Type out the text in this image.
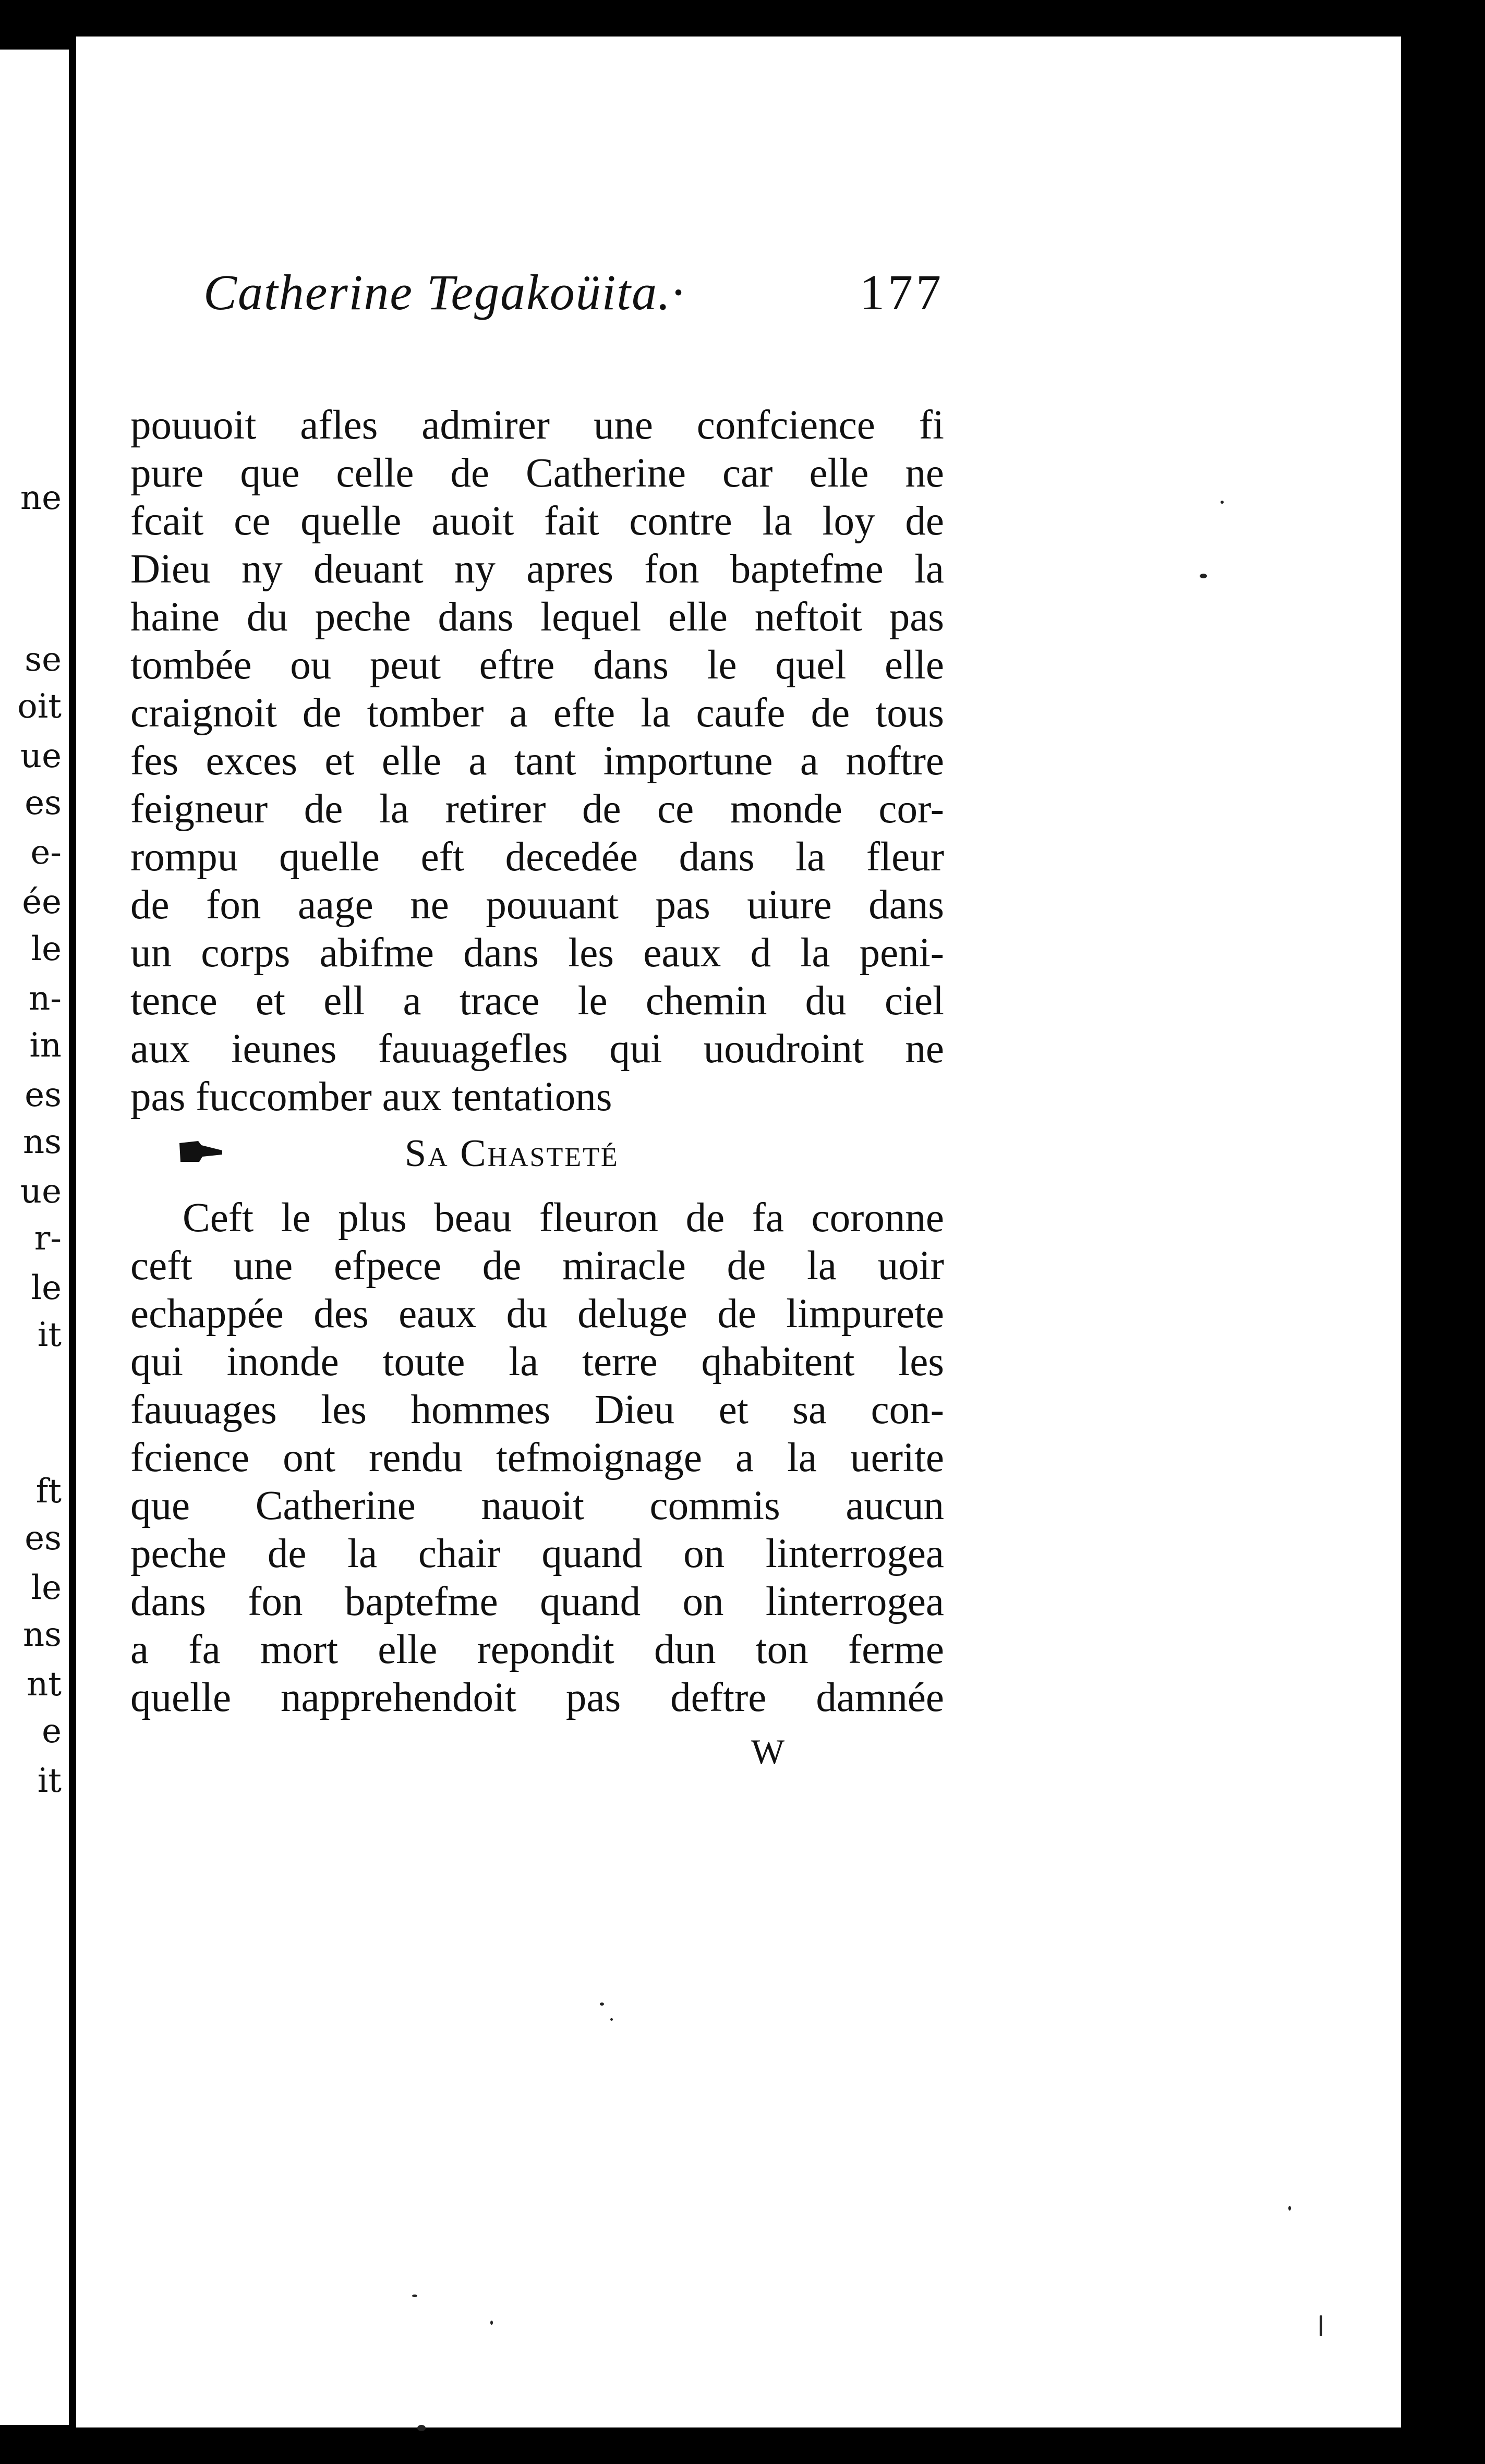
ne
se
oit
ue
es
e-
ée
le
n-
in
es
ns
ue
r-
le
it
ft
es
le
ns
nt
e
it
Catherine Tegakoüita.·	177
pouuoit afles admirer une confcience fi
pure que celle de Catherine car elle ne
fcait ce quelle auoit fait contre la loy de
Dieu ny deuant ny apres fon baptefme la
haine du peche dans lequel elle neftoit pas
tombée ou peut eftre dans le quel elle
craignoit de tomber a efte la caufe de tous
fes exces et elle a tant importune a noftre
feigneur de la retirer de ce monde cor-
rompu quelle eft decedée dans la fleur
de fon aage ne pouuant pas uiure dans
un corps abifme dans les eaux d la peni-
tence et ell a trace le chemin du ciel
aux ieunes fauuagefles qui uoudroint ne
pas fuccomber aux tentations
Sa Chasteté
Ceft le plus beau fleuron de fa coronne
ceft une efpece de miracle de la uoir
echappée des eaux du deluge de limpurete
qui inonde toute la terre qhabitent les
fauuages les hommes Dieu et sa con-
fcience ont rendu tefmoignage a la uerite
que Catherine nauoit commis aucun
peche de la chair quand on linterrogea
dans fon baptefme quand on linterrogea
a fa mort elle repondit dun ton ferme
quelle napprehendoit pas deftre damnée
W
